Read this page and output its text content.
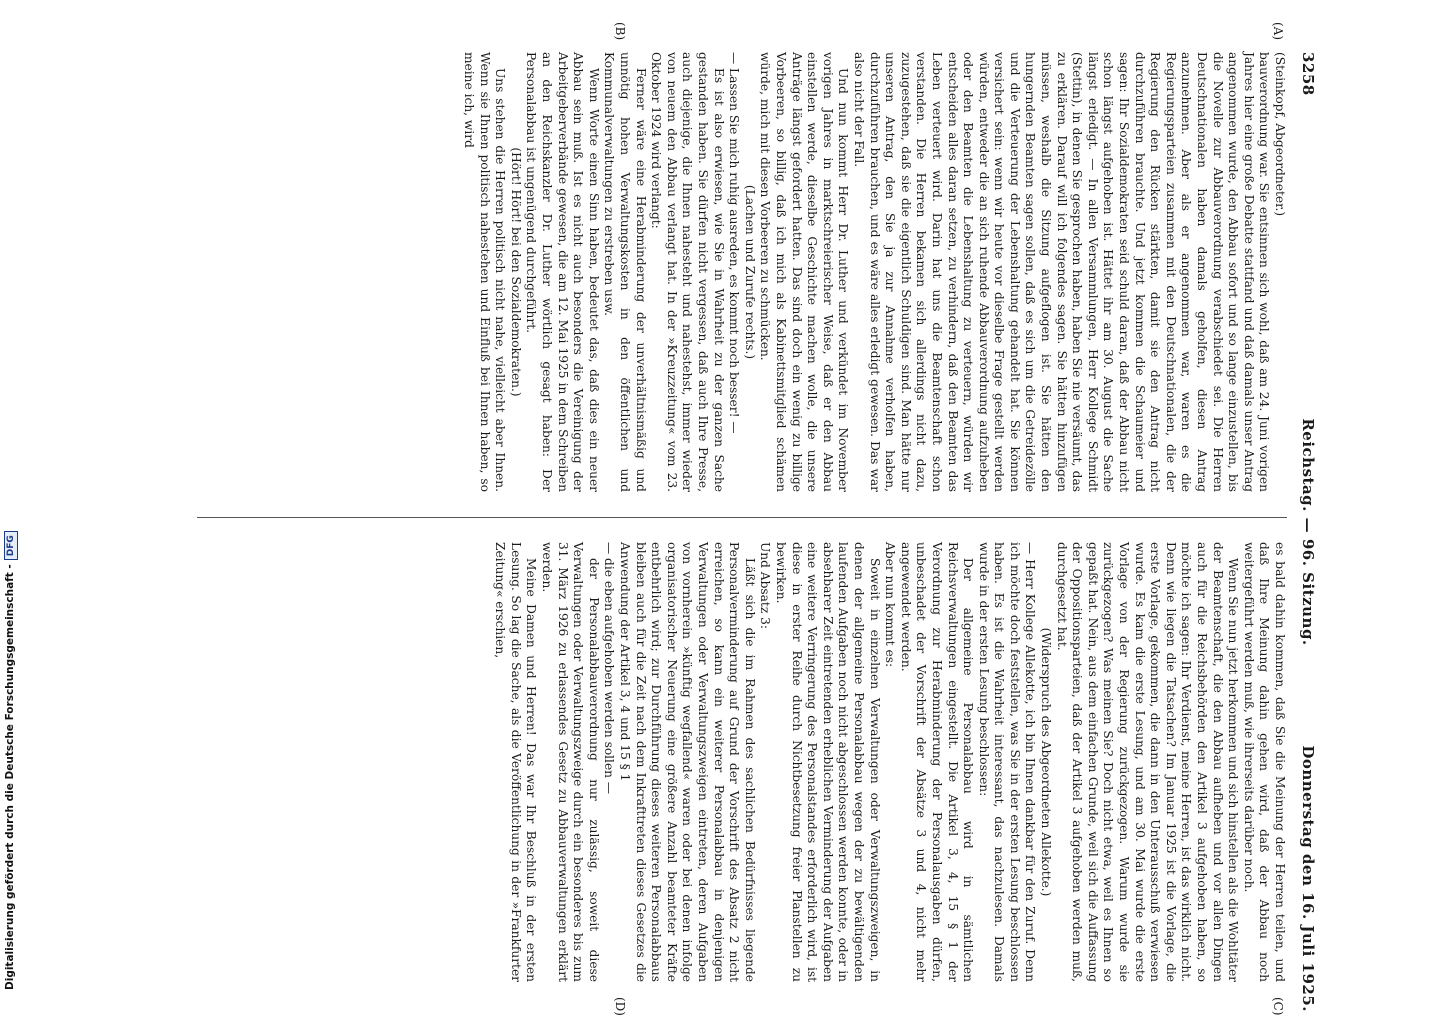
Digitalisierung gefördert durch die Deutsche Forschungsgemeinschaft -DFG	Reichstag. — 96. Sitzung.
3258
Donnerstag den 16. Juli 1925.
(A)
(B)
(C)
(D)

(Steinkopf, Abgeordneter.)

bauverordnung war. Sie entsinnen sich wohl, daß am 24. Juni vorigen Jahres hier eine große Debatte stattfand und daß damals unser Antrag angenommen wurde, den Abbau sofort und so lange einzustellen, bis die Novelle zur Abbauverordnung verabschiedet sei. Die Herren Deutschnationalen haben damals geholfen, diesen Antrag anzunehmen. Aber als er angenommen war, waren es die Regierungsparteien zusammen mit den Deutschnationalen, die der Regierung den Rücken stärkten, damit sie den Antrag nicht durchzuführen brauchte. Und jetzt kommen die Schaumeier und sagen: Ihr Sozialdemokraten seid schuld daran, daß der Abbau nicht schon längst aufgehoben ist. Hättet ihr am 30. August die Sache längst erledigt. — In allen Versammlungen, Herr Kollege Schmidt (Stettin), in denen Sie gesprochen haben, haben Sie nie versäumt, das zu erklären. Darauf will ich folgendes sagen. Sie hätten hinzufügen müssen, weshalb die Sitzung aufgeflogen ist. Sie hätten den hungernden Beamten sagen sollen, daß es sich um die Getreidezölle und die Verteuerung der Lebenshaltung gehandelt hat. Sie können versichert sein: wenn wir heute vor dieselbe Frage gestellt werden würden, entweder die an sich ruhende Abbauverordnung aufzuheben oder den Beamten die Lebenshaltung zu verteuern, würden wir entscheiden alles daran setzen, zu verhindern, daß den Beamten das Leben verteuert wird. Darin hat uns die Beamtenschaft schon verstanden. Die Herren bekamen sich allerdings nicht dazu, zuzugestehen, daß sie die eigentlich Schuldigen sind. Man hätte nur unseren Antrag, den Sie ja zur Annahme verholfen haben, durchzuführen brauchen, und es wäre alles erledigt gewesen. Das war also nicht der Fall.

Und nun kommt Herr Dr. Luther und verkündet im November vorigen Jahres in marktschreierischer Weise, daß er den Abbau einstellen werde, dieselbe Geschichte machen wolle, die unsere Anträge längst gefordert hatten. Das sind doch ein wenig zu billige Vorbeeren, so billig, daß ich mich als Kabinettsmitglied schämen würde, mich mit diesen Vorbeeren zu schmücken.

(Lachen und Zurufe rechts.)

— Lassen Sie mich ruhig ausreden, es kommt noch besser! —

Es ist also erwiesen, wie Sie in Wahrheit zu der ganzen Sache gestanden haben. Sie dürfen nicht vergessen, daß auch Ihre Presse, auch diejenige, die Ihnen nahesteht und nahestehst, immer wieder von neuem den Abbau verlangt hat. In der »Kreuzzeitung« vom 23. Oktober 1924 wird verlangt:

Ferner wäre eine Herabminderung der unverhältnismäßig und unnötig hohen Verwaltungskosten in den öffentlichen und Kommunalverwaltungen zu erstreben usw.

Wenn Worte einen Sinn haben, bedeutet das, daß dies ein neuer Abbau sein muß. Ist es nicht auch besonders die Vereinigung der Arbeitgeberverbände gewesen, die am 12. Mai 1925 in dem Schreiben an den Reichskanzler Dr. Luther wörtlich gesagt haben: Der Personalabbau ist ungenügend durchgeführt.

(Hört! Hört! bei den Sozialdemokraten.)

Uns stehen die Herren politisch nicht nahe, vielleicht aber Ihnen. Wenn sie Ihnen politisch nahestehen und Einfluß bei Ihnen haben, so meine ich, wird

es bald dahin kommen, daß Sie die Meinung der Herren teilen, und daß Ihre Meinung dahin gehen wird, daß der Abbau noch weitergeführt werden muß, wie ihrerseits darüber noch.

Wenn Sie nun jetzt herkommen und sich hinstellen als die Wohltäter der Beamtenschaft, die den Abbau aufheben und vor allen Dingen auch für die Reichsbehörden den Artikel 3 aufgehoben haben, so möchte ich sagen: Ihr Verdienst, meine Herren, ist das wirklich nicht. Denn wie liegen die Tatsachen? Im Januar 1925 ist die Vorlage, die erste Vorlage, gekommen, die dann in den Unterausschuß verwiesen wurde. Es kam die erste Lesung, und am 30. Mai wurde die erste Vorlage von der Regierung zurückgezogen. Warum wurde sie zurückgezogen? Was meinen Sie? Doch nicht etwa, weil es Ihnen so gepaßt hat. Nein, aus dem einfachen Grunde, weil sich die Auffassung der Oppositionsparteien, daß der Artikel 3 aufgehoben werden muß, durchgesetzt hat.

(Widerspruch des Abgeordneten Allekotte.)

— Herr Kollege Allekotte, ich bin Ihnen dankbar für den Zuruf. Denn ich möchte doch feststellen, was Sie in der ersten Lesung beschlossen haben. Es ist die Wahrheit interessant, das nachzulesen. Damals wurde in der ersten Lesung beschlossen:

Der allgemeine Personalabbau wird in sämtlichen Reichsverwaltungen eingestellt. Die Artikel 3, 4, 15 § 1 der Verordnung zur Herabminderung der Personalausgaben dürfen, unbeschadet der Vorschrift der Absätze 3 und 4, nicht mehr angewendet werden.

Aber nun kommt es:

Soweit in einzelnen Verwaltungen oder Verwaltungszweigen, in denen der allgemeine Personalabbau wegen der zu bewältigenden laufenden Aufgaben noch nicht abgeschlossen werden konnte, oder in absehbarer Zeit eintretenden erheblichen Verminderung der Aufgaben eine weitere Verringerung des Personalstandes erforderlich wird, ist diese in erster Reihe durch Nichtbesetzung freier Planstellen zu bewirken.

Und Absatz 3:

Läßt sich die im Rahmen des sachlichen Bedürfnisses liegende Personalverminderung auf Grund der Vorschrift des Absatz 2 nicht erreichen, so kann ein weiterer Personalabbau in denjenigen Verwaltungen oder Verwaltungszweigen eintreten, deren Aufgaben von vornherein »künftig wegfallend« waren oder bei denen infolge organisatorischer Neuerung eine größere Anzahl beamteter Kräfte entbehrlich wird; zur Durchführung dieses weiteren Personalabbaus bleiben auch für die Zeit nach dem Inkrafttreten dieses Gesetzes die Anwendung der Artikel 3, 4 und 15 § 1

— die eben aufgehoben werden sollen —

der Personalabbauverordnung nur zulässig, soweit diese Verwaltungen oder Verwaltungszweige durch ein besonderes bis zum 31. März 1926 zu erlassendes Gesetz zu Abbauverwaltungen erklärt werden.

Meine Damen und Herren! Das war Ihr Beschluß in der ersten Lesung. So lag die Sache, als die Veröffentlichung in der »Frankfurter Zeitung« erschien,
